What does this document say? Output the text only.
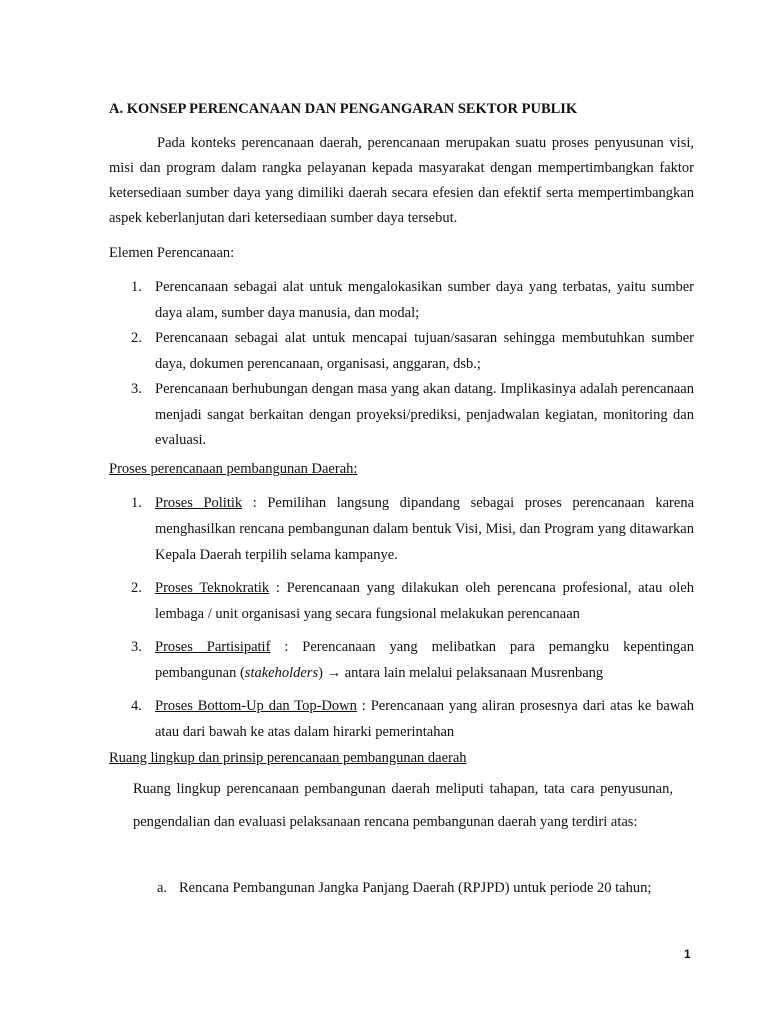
A. KONSEP PERENCANAAN DAN PENGANGARAN SEKTOR PUBLIK

Pada konteks perencanaan daerah, perencanaan merupakan suatu proses penyusunan visi, misi dan program dalam rangka pelayanan kepada masyarakat dengan mempertimbangkan faktor ketersediaan sumber daya yang dimiliki daerah secara efesien dan efektif serta mempertimbangkan aspek keberlanjutan dari ketersediaan sumber daya tersebut.

Elemen Perencanaan:

1. Perencanaan sebagai alat untuk mengalokasikan sumber daya yang terbatas, yaitu sumber daya alam, sumber daya manusia, dan modal;
2. Perencanaan sebagai alat untuk mencapai tujuan/sasaran sehingga membutuhkan sumber daya, dokumen perencanaan, organisasi, anggaran, dsb.;
3. Perencanaan berhubungan dengan masa yang akan datang. Implikasinya adalah perencanaan menjadi sangat berkaitan dengan proyeksi/prediksi, penjadwalan kegiatan, monitoring dan evaluasi.

Proses perencanaan pembangunan Daerah:

1. Proses Politik : Pemilihan langsung dipandang sebagai proses perencanaan karena menghasilkan rencana pembangunan dalam bentuk Visi, Misi, dan Program yang ditawarkan Kepala Daerah terpilih selama kampanye.
2. Proses Teknokratik : Perencanaan yang dilakukan oleh perencana profesional, atau oleh lembaga / unit organisasi yang secara fungsional melakukan perencanaan
3. Proses Partisipatif : Perencanaan yang melibatkan para pemangku kepentingan pembangunan (stakeholders) → antara lain melalui pelaksanaan Musrenbang
4. Proses Bottom-Up dan Top-Down : Perencanaan yang aliran prosesnya dari atas ke bawah atau dari bawah ke atas dalam hirarki pemerintahan

Ruang lingkup dan prinsip perencanaan pembangunan daerah

Ruang lingkup perencanaan pembangunan daerah meliputi tahapan, tata cara penyusunan, pengendalian dan evaluasi pelaksanaan rencana pembangunan daerah yang terdiri atas:

a. Rencana Pembangunan Jangka Panjang Daerah (RPJPD) untuk periode 20 tahun;

1
